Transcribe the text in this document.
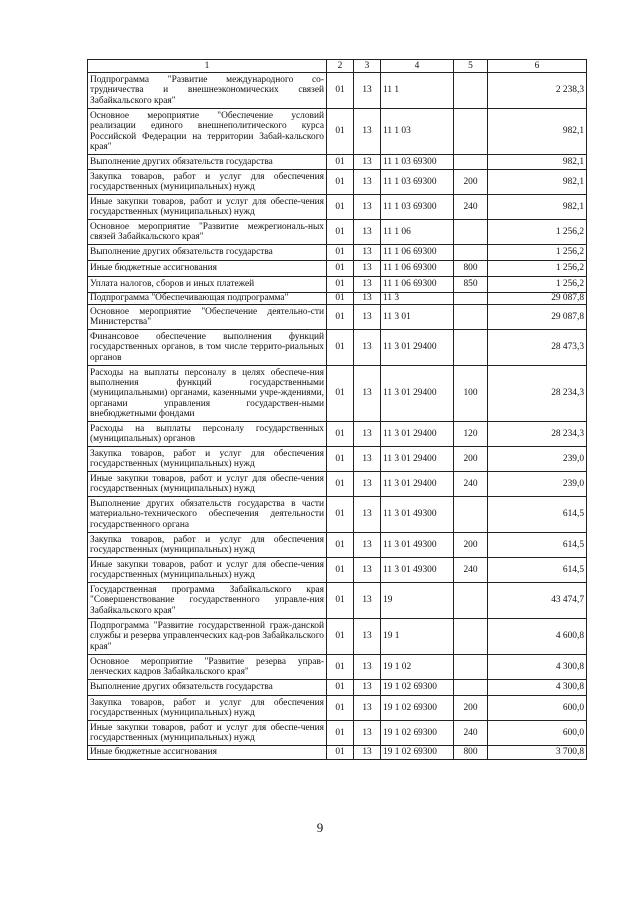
1	2	3	4	5	6
Подпрограмма "Развитие международного со-трудничества и внешнеэкономических связей Забайкальского края"	01	13	11 1		2 238,3
Основное мероприятие "Обеспечение условий реализации единого внешнеполитического курса Российской Федерации на территории Забай-кальского края"	01	13	11 1 03		982,1
Выполнение других обязательств государства	01	13	11 1 03 69300		982,1
Закупка товаров, работ и услуг для обеспечения государственных (муниципальных) нужд	01	13	11 1 03 69300	200	982,1
Иные закупки товаров, работ и услуг для обеспе-чения государственных (муниципальных) нужд	01	13	11 1 03 69300	240	982,1
Основное мероприятие "Развитие межрегиональ-ных связей Забайкальского края"	01	13	11 1 06		1 256,2
Выполнение других обязательств государства	01	13	11 1 06 69300		1 256,2
Иные бюджетные ассигнования	01	13	11 1 06 69300	800	1 256,2
Уплата налогов, сборов и иных платежей	01	13	11 1 06 69300	850	1 256,2
Подпрограмма "Обеспечивающая подпрограмма"	01	13	11 3		29 087,8
Основное мероприятие "Обеспечение деятельно-сти Министерства"	01	13	11 3 01		29 087,8
Финансовое обеспечение выполнения функций государственных органов, в том числе террито-риальных органов	01	13	11 3 01 29400		28 473,3
Расходы на выплаты персоналу в целях обеспече-ния выполнения функций государственными (муниципальными) органами, казенными учре-ждениями, органами управления государствен-ными внебюджетными фондами	01	13	11 3 01 29400	100	28 234,3
Расходы на выплаты персоналу государственных (муниципальных) органов	01	13	11 3 01 29400	120	28 234,3
Закупка товаров, работ и услуг для обеспечения государственных (муниципальных) нужд	01	13	11 3 01 29400	200	239,0
Иные закупки товаров, работ и услуг для обеспе-чения государственных (муниципальных) нужд	01	13	11 3 01 29400	240	239,0
Выполнение других обязательств государства в части материально-технического обеспечения деятельности государственного органа	01	13	11 3 01 49300		614,5
Закупка товаров, работ и услуг для обеспечения государственных (муниципальных) нужд	01	13	11 3 01 49300	200	614,5
Иные закупки товаров, работ и услуг для обеспе-чения государственных (муниципальных) нужд	01	13	11 3 01 49300	240	614,5
Государственная программа Забайкальского края "Совершенствование государственного управле-ния Забайкальского края"	01	13	19		43 474,7
Подпрограмма "Развитие государственной граж-данской службы и резерва управленческих кад-ров Забайкальского края"	01	13	19 1		4 600,8
Основное мероприятие "Развитие резерва управ-ленческих кадров Забайкальского края"	01	13	19 1 02		4 300,8
Выполнение других обязательств государства	01	13	19 1 02 69300		4 300,8
Закупка товаров, работ и услуг для обеспечения государственных (муниципальных) нужд	01	13	19 1 02 69300	200	600,0
Иные закупки товаров, работ и услуг для обеспе-чения государственных (муниципальных) нужд	01	13	19 1 02 69300	240	600,0
Иные бюджетные ассигнования	01	13	19 1 02 69300	800	3 700,8
9
